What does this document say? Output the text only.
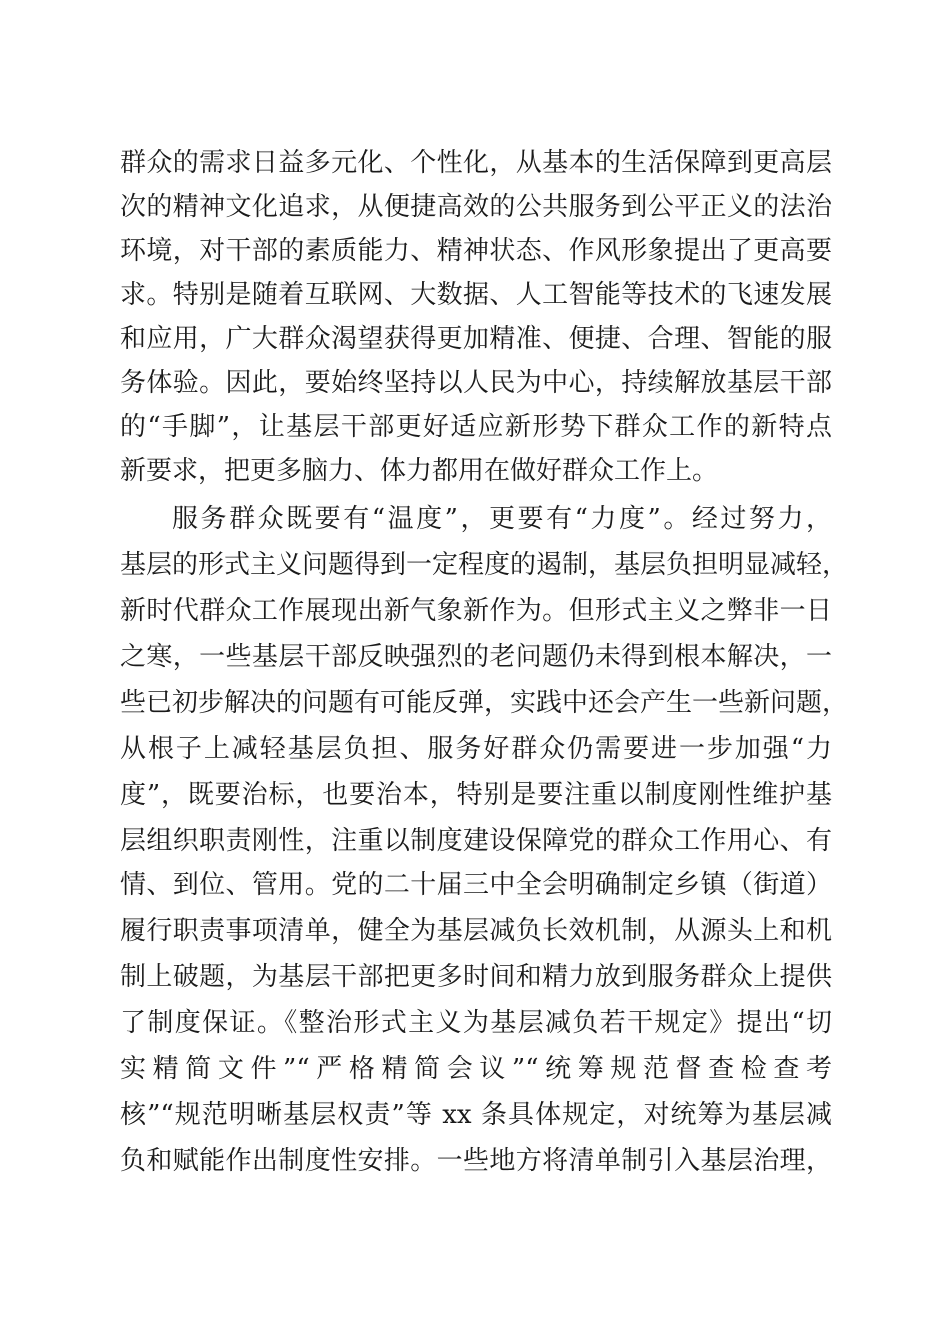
群众的需求日益多元化、个性化，从基本的生活保障到更高层
次的精神文化追求，从便捷高效的公共服务到公平正义的法治
环境，对干部的素质能力、精神状态、作风形象提出了更高要
求。特别是随着互联网、大数据、人工智能等技术的飞速发展
和应用，广大群众渴望获得更加精准、便捷、合理、智能的服
务体验。因此，要始终坚持以人民为中心，持续解放基层干部
的“手脚”，让基层干部更好适应新形势下群众工作的新特点
新要求，把更多脑力、体力都用在做好群众工作上。
服务群众既要有“温度”，更要有“力度”。经过努力，
基层的形式主义问题得到一定程度的遏制，基层负担明显减轻，
新时代群众工作展现出新气象新作为。但形式主义之弊非一日
之寒，一些基层干部反映强烈的老问题仍未得到根本解决，一
些已初步解决的问题有可能反弹，实践中还会产生一些新问题，
从根子上减轻基层负担、服务好群众仍需要进一步加强“力
度”，既要治标，也要治本，特别是要注重以制度刚性维护基
层组织职责刚性，注重以制度建设保障党的群众工作用心、有
情、到位、管用。党的二十届三中全会明确制定乡镇（街道）
履行职责事项清单，健全为基层减负长效机制，从源头上和机
制上破题，为基层干部把更多时间和精力放到服务群众上提供
了制度保证。《整治形式主义为基层减负若干规定》提出“切
实精简文件”“严格精简会议”“统筹规范督查检查考
核”“规范明晰基层权责”等 xx 条具体规定，对统筹为基层减
负和赋能作出制度性安排。一些地方将清单制引入基层治理，
